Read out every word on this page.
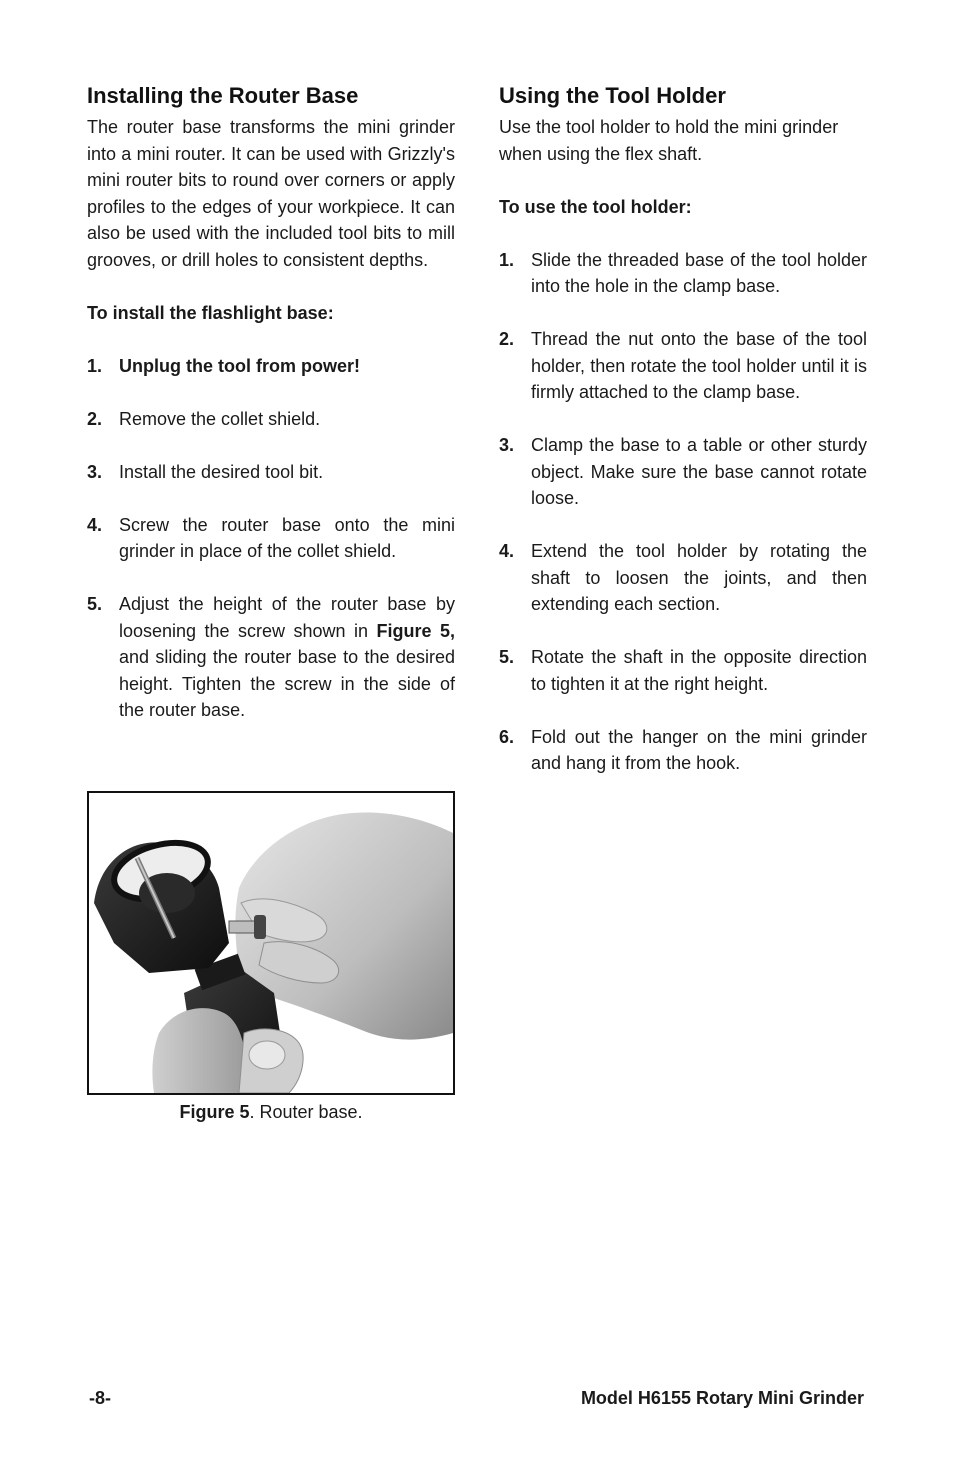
Installing the Router Base

The router base transforms the mini grinder into a mini router. It can be used with Grizzly's mini router bits to round over corners or apply profiles to the edges of your workpiece. It can also be used with the included tool bits to mill grooves, or drill holes to consistent depths.

To install the flashlight base:

1. Unplug the tool from power!
2. Remove the collet shield.
3. Install the desired tool bit.
4. Screw the router base onto the mini grinder in place of the collet shield.
5. Adjust the height of the router base by loosening the screw shown in Figure 5, and sliding the router base to the desired height. Tighten the screw in the side of the router base.
Using the Tool Holder

Use the tool holder to hold the mini grinder when using the flex shaft.

To use the tool holder:

1. Slide the threaded base of the tool holder into the hole in the clamp base.
2. Thread the nut onto the base of the tool holder, then rotate the tool holder until it is firmly attached to the clamp base.
3. Clamp the base to a table or other sturdy object. Make sure the base cannot rotate loose.
4. Extend the tool holder by rotating the shaft to loosen the joints, and then extending each section.
5. Rotate the shaft in the opposite direction to tighten it at the right height.
6. Fold out the hanger on the mini grinder and hang it from the hook.
Figure 5. Router base.
-8-	Model H6155 Rotary Mini Grinder
